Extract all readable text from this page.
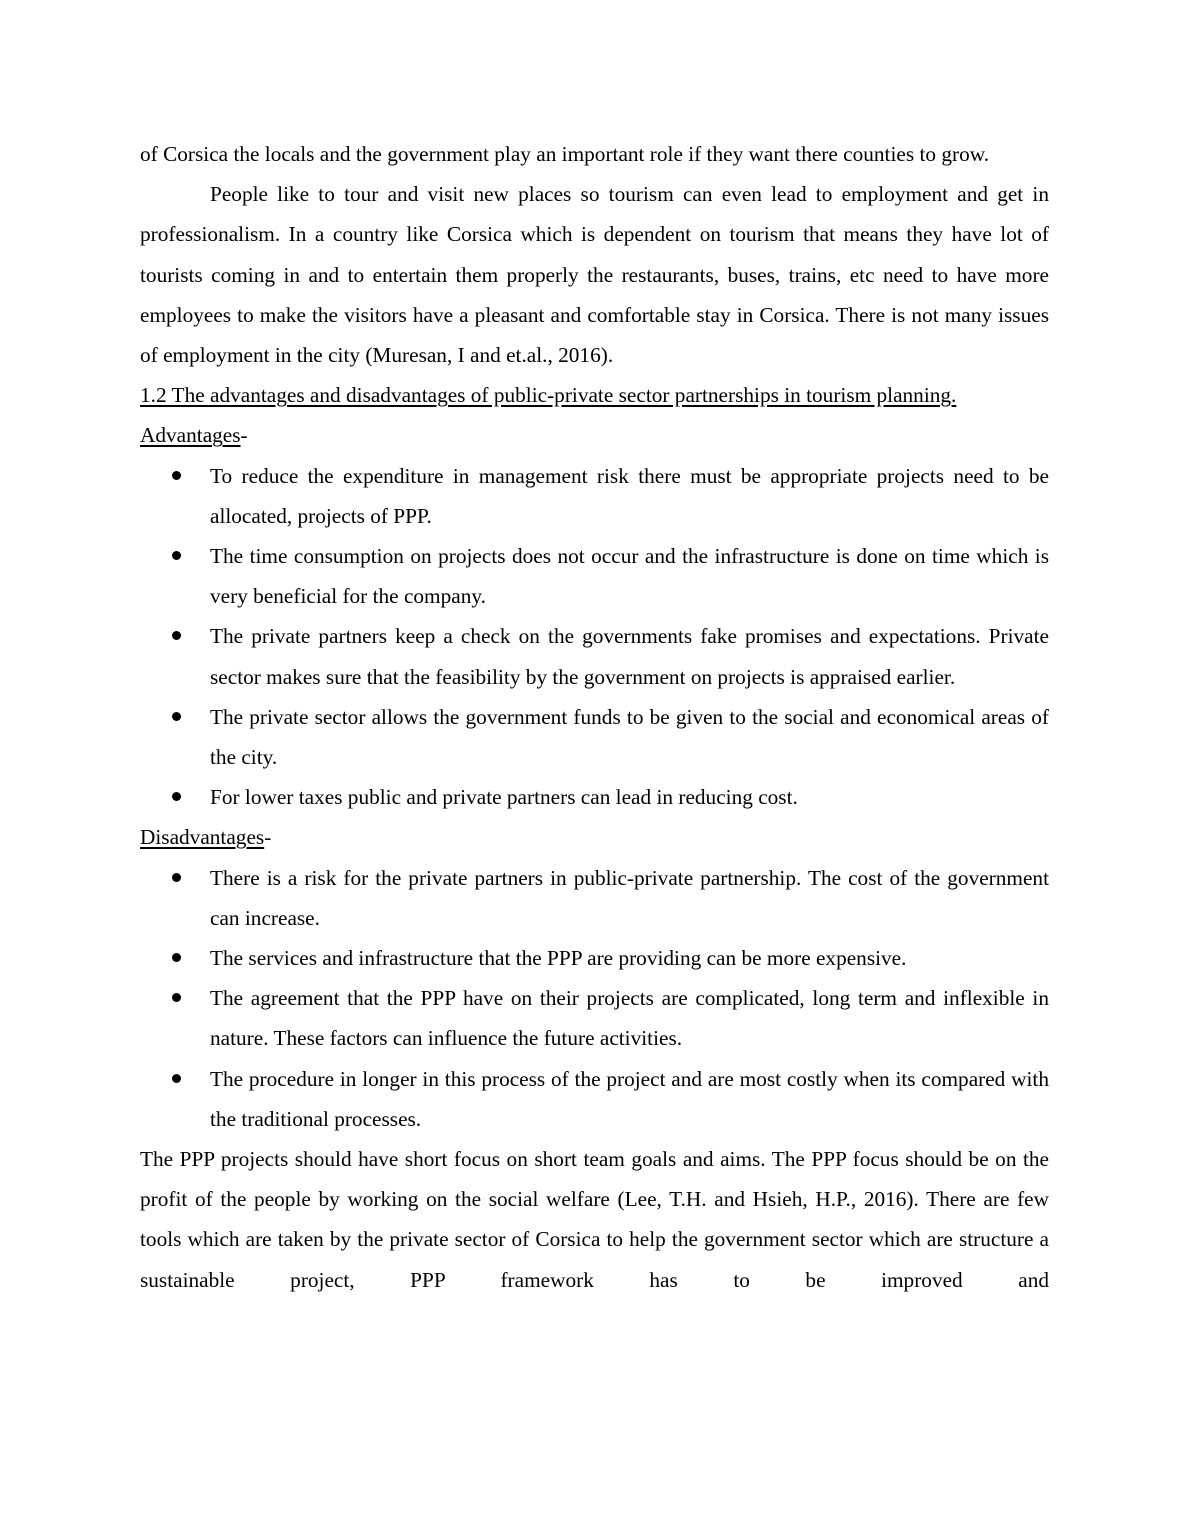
of Corsica the locals and the government play an important role if they want there counties to grow.

People like to tour and visit new places so tourism can even lead to employment and get in professionalism. In a country like Corsica which is dependent on tourism that means they have lot of tourists coming in and to entertain them properly the restaurants, buses, trains, etc need to have more employees to make the visitors have a pleasant and comfortable stay in Corsica. There is not many issues of employment in the city (Muresan, I and et.al., 2016).

1.2 The advantages and disadvantages of public-private sector partnerships in tourism planning.

Advantages-

To reduce the expenditure in management risk there must be appropriate projects need to be allocated, projects of PPP.
The time consumption on projects does not occur and the infrastructure is done on time which is very beneficial for the company.
The private partners keep a check on the governments fake promises and expectations. Private sector makes sure that the feasibility by the government on projects is appraised earlier.
The private sector allows the government funds to be given to the social and economical areas of the city.
For lower taxes public and private partners can lead in reducing cost.

Disadvantages-

There is a risk for the private partners in public-private partnership. The cost of the government can increase.
The services and infrastructure that the PPP are providing can be more expensive.
The agreement that the PPP have on their projects are complicated, long term and inflexible in nature. These factors can influence the future activities.
The procedure in longer in this process of the project and are most costly when its compared with the traditional processes.

The PPP projects should have short focus on short team goals and aims. The PPP focus should be on the profit of the people by working on the social welfare (Lee, T.H. and Hsieh, H.P., 2016). There are few tools which are taken by the private sector of Corsica to help the government sector which are structure a sustainable project, PPP framework has to be improved and
